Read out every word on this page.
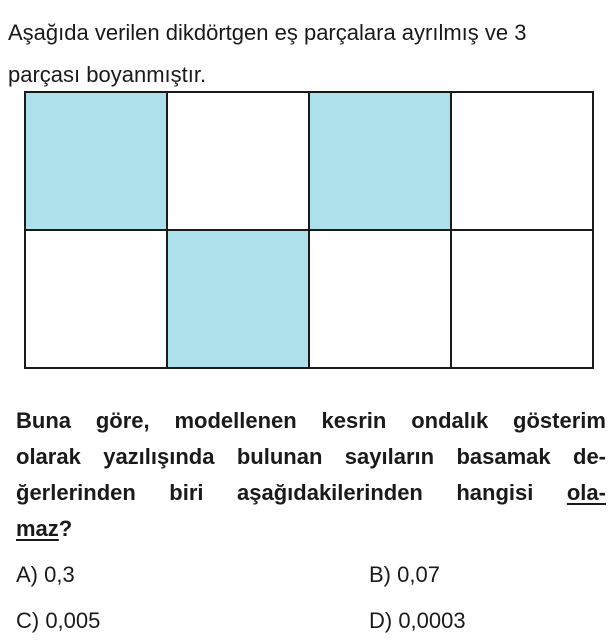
Aşağıda verilen dikdörtgen eş parçalara ayrılmış ve 3
parçası boyanmıştır.
Buna göre, modellenen kesrin ondalık gösterim
olarak yazılışında bulunan sayıların basamak de-
ğerlerinden biri aşağıdakilerinden hangisi ola-
maz ?
A) 0,3	B) 0,07
C) 0,005	D) 0,0003
